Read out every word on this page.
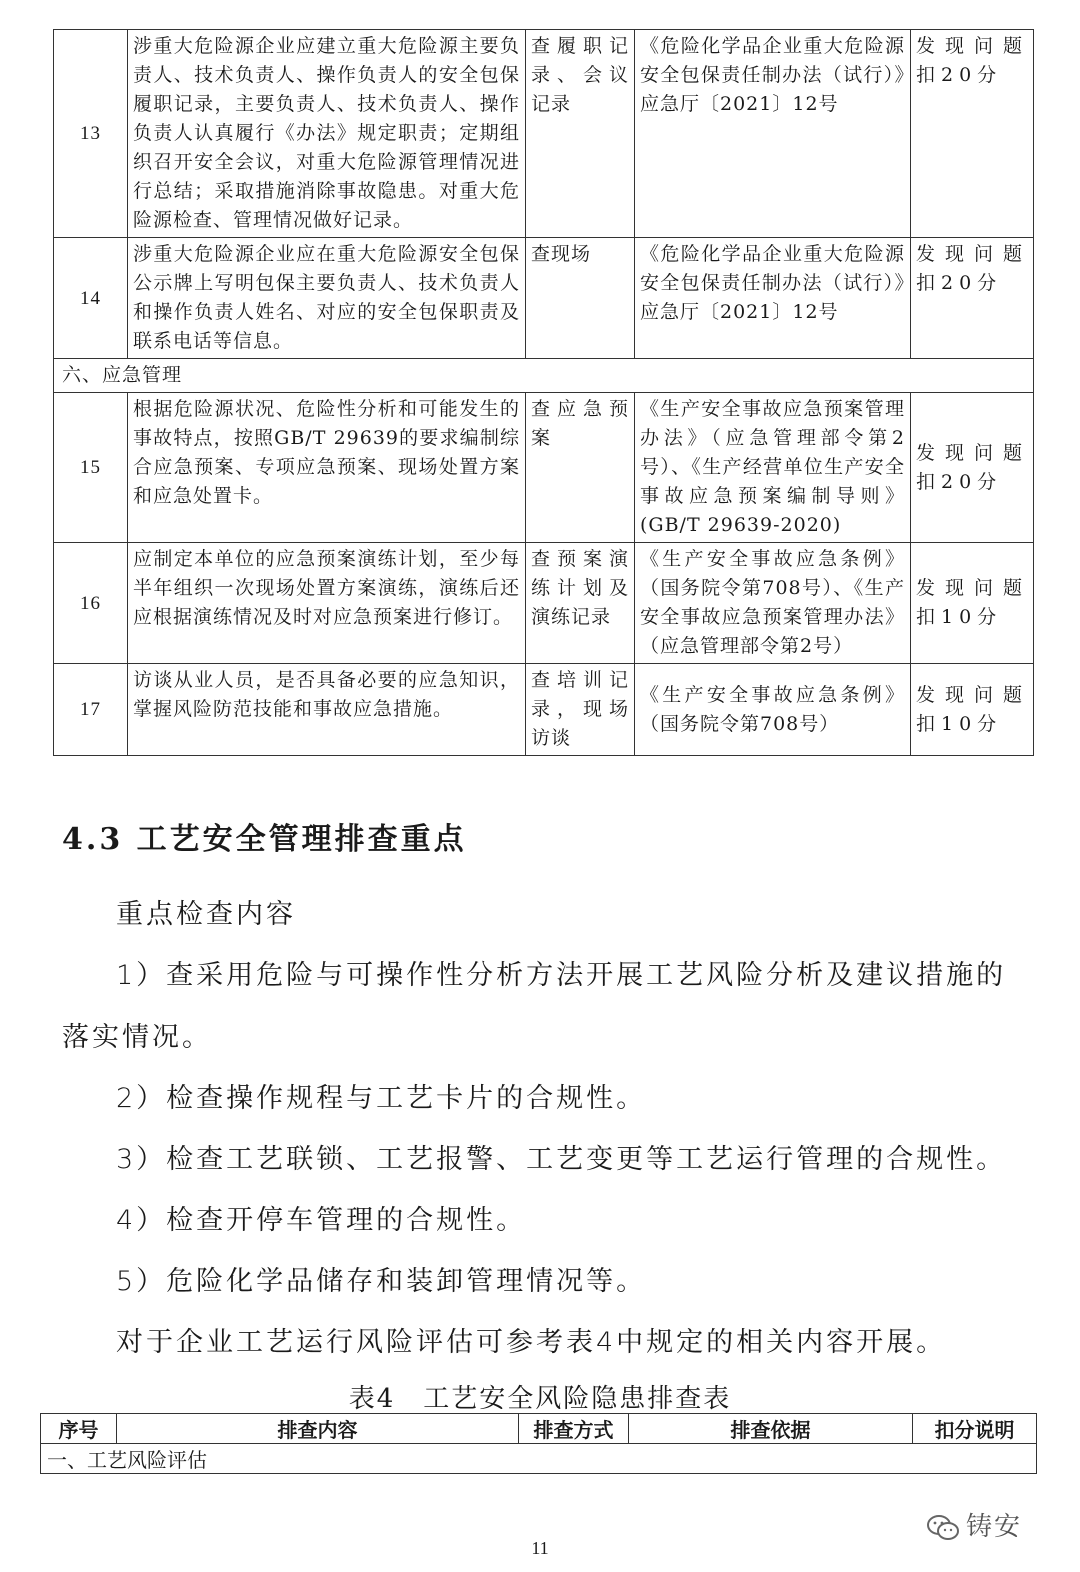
13	涉重大危险源企业应建立重大危险源主要负责人、技术负责人、操作负责人的安全包保履职记录，主要负责人、技术负责人、操作负责人认真履行《办法》规定职责；定期组织召开安全会议，对重大危险源管理情况进行总结；采取措施消除事故隐患。对重大危险源检查、管理情况做好记录。	查履职记录、会议记录	《危险化学品企业重大危险源安全包保责任制办法（试行）》应急厅〔2021〕12号	发现问题扣20分
14	涉重大危险源企业应在重大危险源安全包保公示牌上写明包保主要负责人、技术负责人和操作负责人姓名、对应的安全包保职责及联系电话等信息。	查现场	《危险化学品企业重大危险源安全包保责任制办法（试行）》应急厅〔2021〕12号	发现问题扣20分
六、应急管理				
15	根据危险源状况、危险性分析和可能发生的事故特点，按照GB/T 29639的要求编制综合应急预案、专项应急预案、现场处置方案和应急处置卡。	查应急预案	《生产安全事故应急预案管理办法》（应急管理部令第2号）、《生产经营单位生产安全事故应急预案编制导则》(GB/T 29639-2020)	发现问题扣20分
16	应制定本单位的应急预案演练计划，至少每半年组织一次现场处置方案演练，演练后还应根据演练情况及时对应急预案进行修订。	查预案演练计划及演练记录	《生产安全事故应急条例》（国务院令第708号）、《生产安全事故应急预案管理办法》（应急管理部令第2号）	发现问题扣10分
17	访谈从业人员，是否具备必要的应急知识，掌握风险防范技能和事故应急措施。	查培训记录，现场访谈	《生产安全事故应急条例》（国务院令第708号）	发现问题扣10分
4.3 工艺安全管理排查重点

重点检查内容

1）查采用危险与可操作性分析方法开展工艺风险分析及建议措施的落实情况。

2）检查操作规程与工艺卡片的合规性。

3）检查工艺联锁、工艺报警、工艺变更等工艺运行管理的合规性。

4）检查开停车管理的合规性。

5）危险化学品储存和装卸管理情况等。

对于企业工艺运行风险评估可参考表4中规定的相关内容开展。

表4　工艺安全风险隐患排查表

序号	排查内容	排查方式	排查依据	扣分说明
一、工艺风险评估
铸安
11
